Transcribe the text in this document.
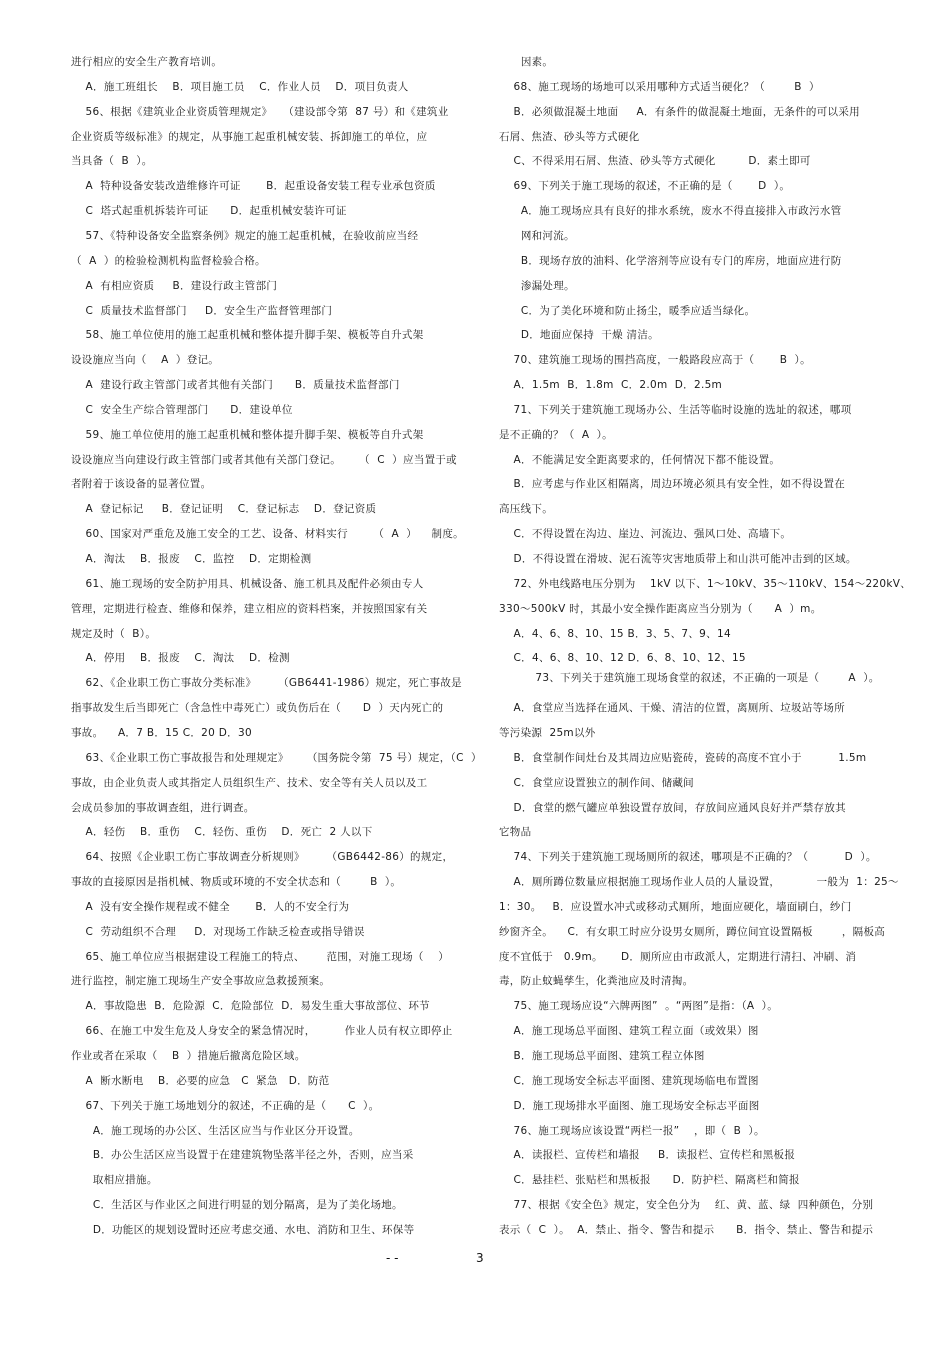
进行相应的安全生产教育培训。
A．施工班组长    B．项目施工员    C．作业人员    D．项目负责人
56、根据《建筑业企业资质管理规定》   （建设部令第  87 号）和《建筑业
企业资质等级标准》的规定，从事施工起重机械安装、拆卸施工的单位，应
当具备（  B  ）。
A  特种设备安装改造维修许可证       B．起重设备安装工程专业承包资质
C  塔式起重机拆装许可证      D．起重机械安装许可证
57、《特种设备安全监察条例》规定的施工起重机械，在验收前应当经
（  A  ）的检验检测机构监督检验合格。
A  有相应资质     B．建设行政主管部门
C  质量技术监督部门     D．安全生产监督管理部门
58、施工单位使用的施工起重机械和整体提升脚手架、模板等自升式架
设设施应当向（    A  ）登记。
A  建设行政主管部门或者其他有关部门      B．质量技术监督部门
C  安全生产综合管理部门      D．建设单位
59、施工单位使用的施工起重机械和整体提升脚手架、模板等自升式架
设设施应当向建设行政主管部门或者其他有关部门登记。     （  C  ）应当置于或
者附着于该设备的显著位置。
A  登记标记     B．登记证明    C．登记标志    D．登记资质
60、国家对严重危及施工安全的工艺、设备、材料实行       （  A  ）    制度。
A．淘汰    B．报废    C．监控    D．定期检测
61、施工现场的安全防护用具、机械设备、施工机具及配件必须由专人
管理，定期进行检查、维修和保养，建立相应的资料档案，并按照国家有关
规定及时（  B）。
A．停用    B．报废    C．淘汰    D．检测
62、《企业职工伤亡事故分类标准》      （GB6441-1986）规定，死亡事故是
指事故发生后当即死亡（含急性中毒死亡）或负伤后在（      D  ）天内死亡的
事故。    A．7 B．15 C．20 D．30
63、《企业职工伤亡事故报告和处理规定》     （国务院令第  75 号）规定，（C  ）
事故，由企业负责人或其指定人员组织生产、技术、安全等有关人员以及工
会成员参加的事故调查组，进行调查。
A．轻伤    B．重伤    C．轻伤、重伤    D．死亡  2 人以下
64、按照《企业职工伤亡事故调查分析规则》      （GB6442-86）的规定，
事故的直接原因是指机械、物质或环境的不安全状态和（        B  ）。
A  没有安全操作规程或不健全       B．人的不安全行为
C  劳动组织不合理     D．对现场工作缺乏检查或指导错误
65、施工单位应当根据建设工程施工的特点、      范围，对施工现场（    ）
进行监控，制定施工现场生产安全事故应急救援预案。
A．事故隐患  B．危险源  C．危险部位  D．易发生重大事故部位、环节
66、在施工中发生危及人身安全的紧急情况时，        作业人员有权立即停止
作业或者在采取（    B  ）措施后撤离危险区域。
A  断水断电    B．必要的应急   C  紧急   D．防范
67、下列关于施工场地划分的叙述，不正确的是（      C  ）。
A．施工现场的办公区、生活区应当与作业区分开设置。
B．办公生活区应当设置于在建建筑物坠落半径之外，否则，应当采
取相应措施。
C．生活区与作业区之间进行明显的划分隔离，是为了美化场地。
D．功能区的规划设置时还应考虑交通、水电、消防和卫生、环保等
因素。
68、施工现场的场地可以采用哪种方式适当硬化？（        B  ）
B．必须做混凝土地面     A．有条件的做混凝土地面，无条件的可以采用
石屑、焦渣、砂头等方式硬化
C、不得采用石屑、焦渣、砂头等方式硬化         D．素土即可
69、下列关于施工现场的叙述，不正确的是（       D  ）。
A．施工现场应具有良好的排水系统，废水不得直接排入市政污水管
网和河流。
B．现场存放的油料、化学溶剂等应设有专门的库房，地面应进行防
渗漏处理。
C．为了美化环境和防止扬尘，暖季应适当绿化。
D．地面应保持  干燥 清洁。
70、建筑施工现场的围挡高度，一般路段应高于（       B  ）。
A．1.5m  B．1.8m  C．2.0m  D．2.5m
71、下列关于建筑施工现场办公、生活等临时设施的选址的叙述，哪项
是不正确的？（  A  ）。
A．不能满足安全距离要求的，任何情况下都不能设置。
B．应考虑与作业区相隔离，周边环境必须具有安全性，如不得设置在
高压线下。
C．不得设置在沟边、崖边、河流边、强风口处、高墙下。
D．不得设置在滑坡、泥石流等灾害地质带上和山洪可能冲击到的区域。
72、外电线路电压分别为    1kV 以下、1～10kV、35～110kV、154～220kV、
330～500kV 时，其最小安全操作距离应当分别为（      A  ）m。
A．4、6、8、10、15 B．3、5、7、9、14
C．4、6、8、10、12 D．6、8、10、12、15
73、下列关于建筑施工现场食堂的叙述，不正确的一项是（        A  ）。
A．食堂应当选择在通风、干燥、清洁的位置，离厕所、垃圾站等场所
等污染源  25m以外
B．食堂制作间灶台及其周边应贴瓷砖，瓷砖的高度不宜小于          1.5m
C．食堂应设置独立的制作间、储藏间
D．食堂的燃气罐应单独设置存放间，存放间应通风良好并严禁存放其
它物品
74、下列关于建筑施工现场厕所的叙述，哪项是不正确的？（          D  ）。
A．厕所蹲位数量应根据施工现场作业人员的人量设置，          一般为  1：25～
1：30。   B．应设置水冲式或移动式厕所，地面应硬化，墙面刷白，纱门
纱窗齐全。    C．有女职工时应分设男女厕所，蹲位间宜设置隔板        ，隔板高
度不宜低于   0.9m。     D．厕所应由市政派人，定期进行清扫、冲刷、消
毒，防止蚊蝇孳生，化粪池应及时清掏。
75、施工现场应设“六牌两图”  。“两图”是指：（A  ）。
A．施工现场总平面图、建筑工程立面（或效果）图
B．施工现场总平面图、建筑工程立体图
C．施工现场安全标志平面图、建筑现场临电布置图
D．施工现场排水平面图、施工现场安全标志平面图
76、施工现场应该设置“两栏一报”    ，即（  B  ）。
A．读报栏、宣传栏和墙报     B．读报栏、宣传栏和黑板报
C．悬挂栏、张贴栏和黑板报      D．防护栏、隔离栏和简报
77、根据《安全色》规定，安全色分为    红、黄、蓝、绿  四种颜色，分别
表示（  C  ）。  A．禁止、指令、警告和提示      B．指令、禁止、警告和提示
- -	3
